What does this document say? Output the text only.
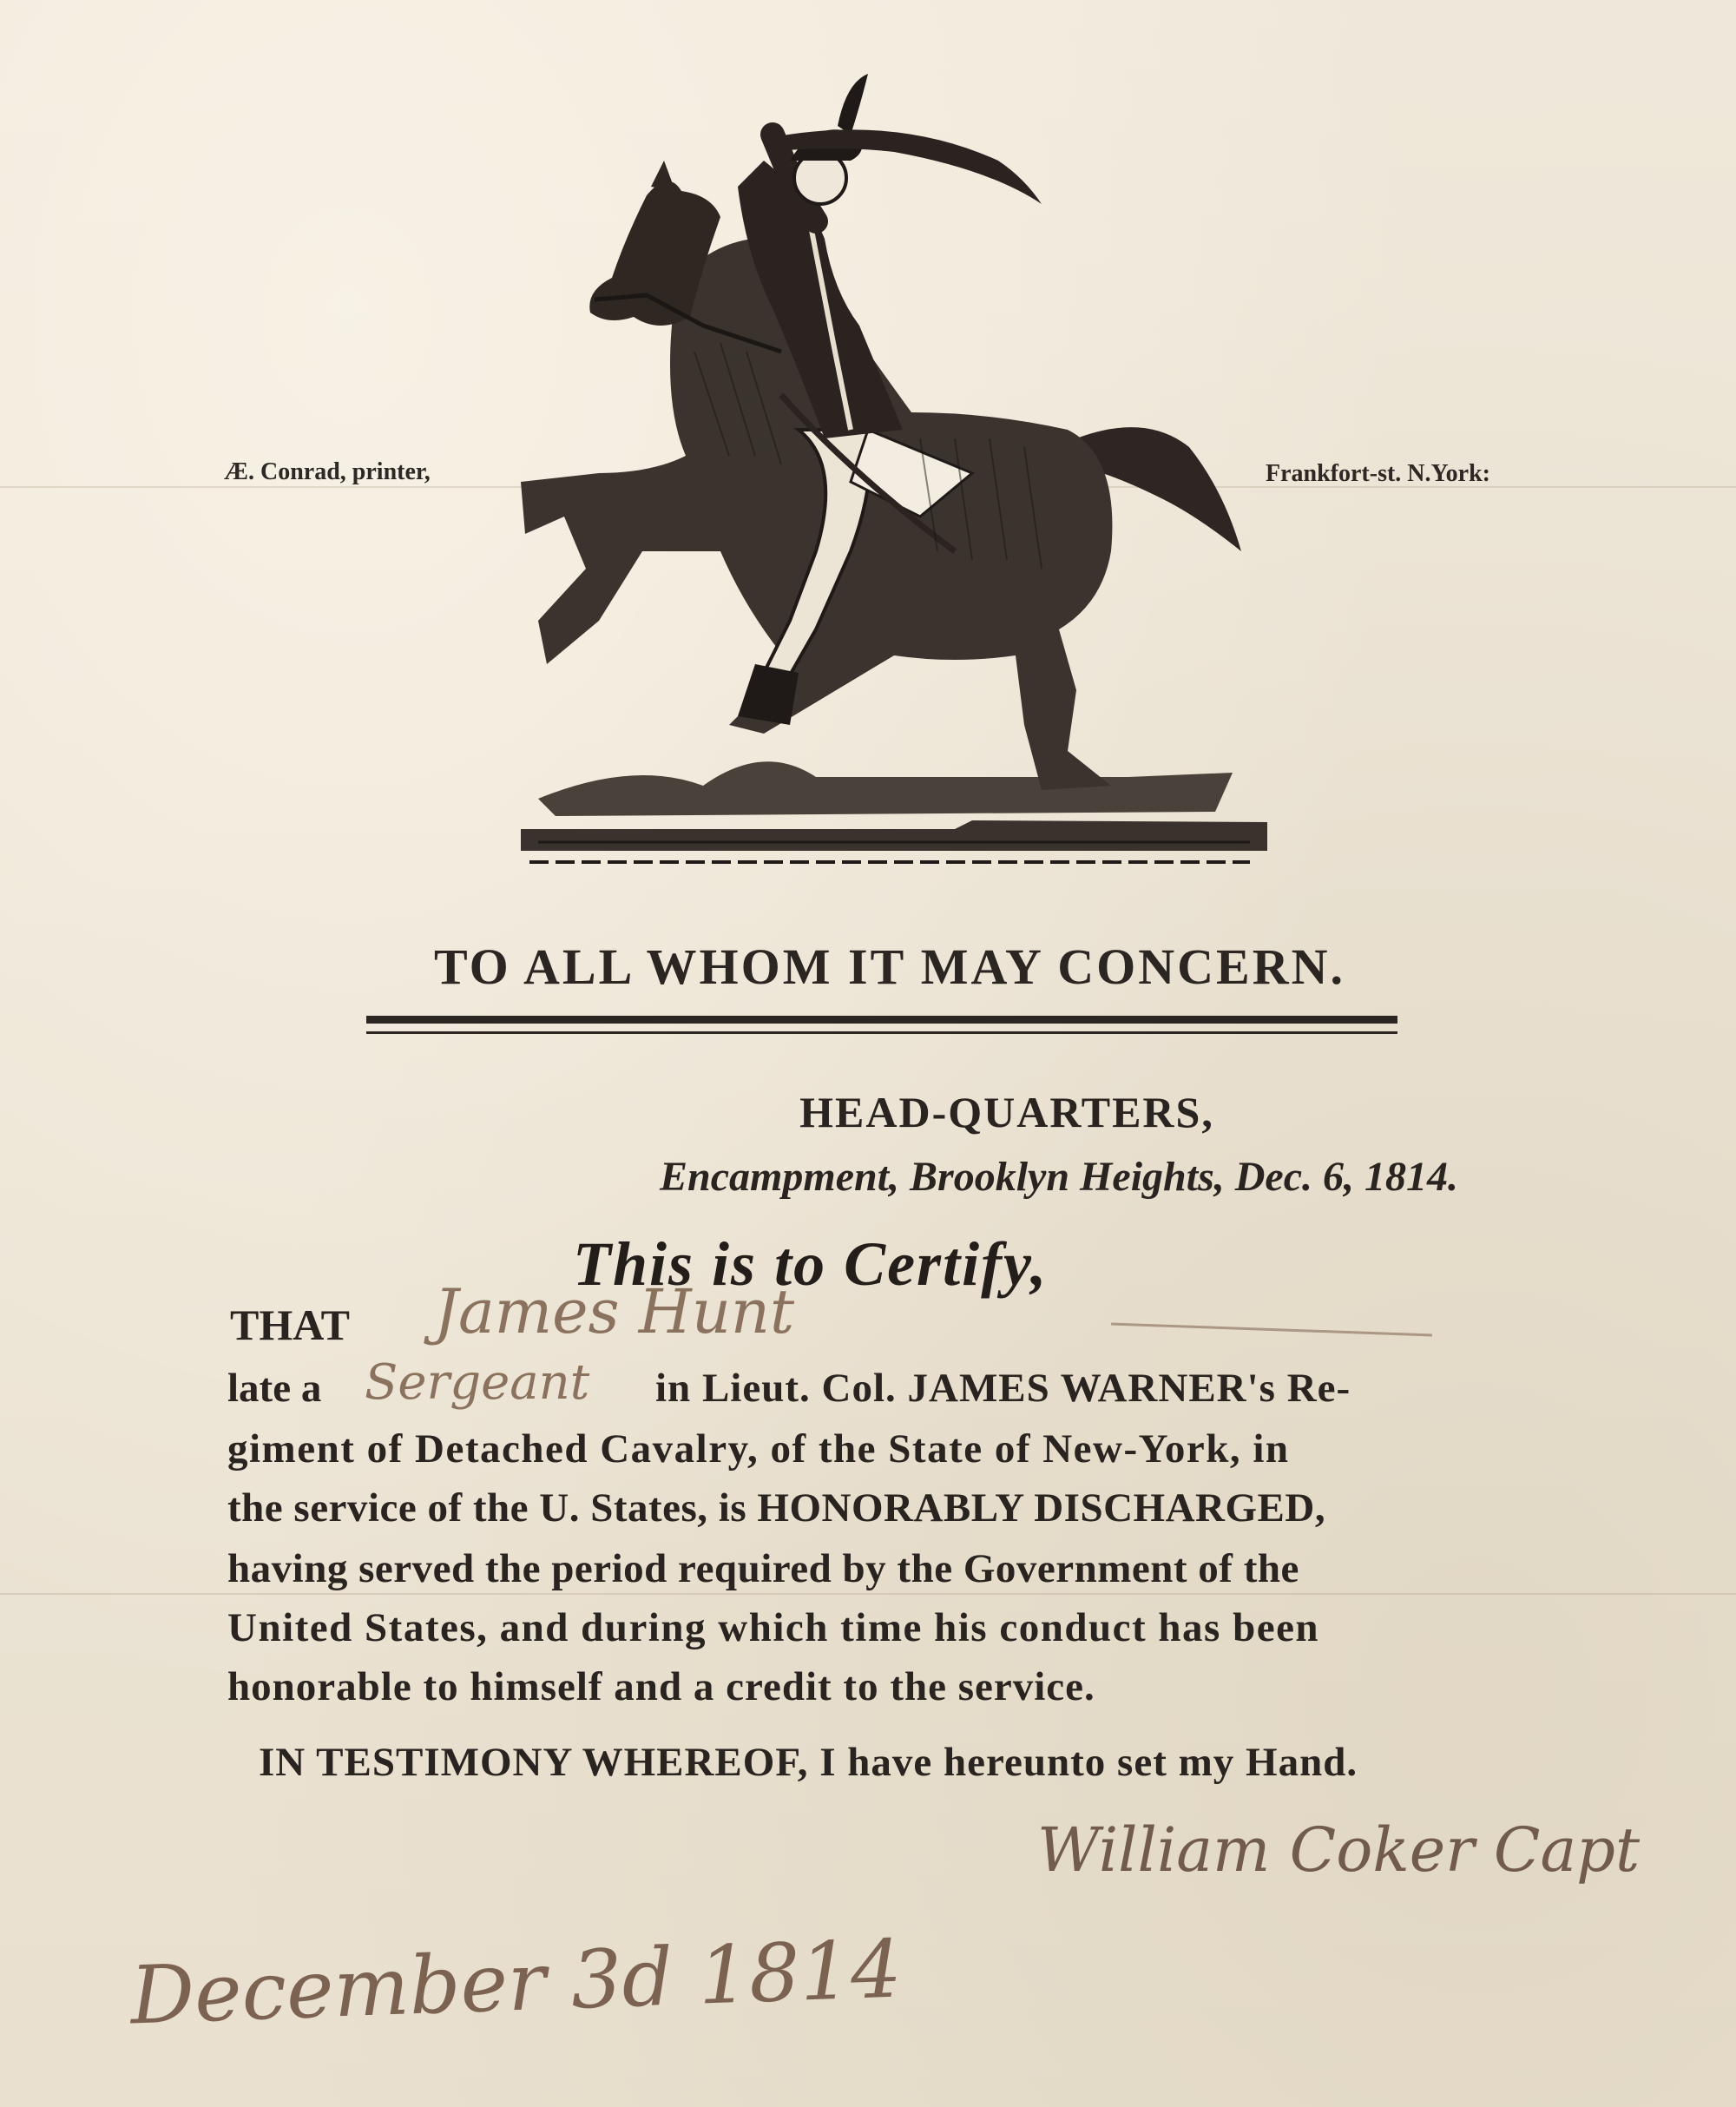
Æ. Conrad, printer,	Frankfort-st. N.York:
TO ALL WHOM IT MAY CONCERN.
HEAD-QUARTERS,
Encampment, Brooklyn Heights, Dec. 6, 1814.
This is to Certify,
THAT James Hunt
late a Sergeant in Lieut. Col. JAMES WARNER's Re-
giment of Detached Cavalry, of the State of New-York, in
the service of the U. States, is HONORABLY DISCHARGED,
having served the period required by the Government of the
United States, and during which time his conduct has been
honorable to himself and a credit to the service.
IN TESTIMONY WHEREOF, I have hereunto set my Hand.
William Coker Capt
December 3d 1814
